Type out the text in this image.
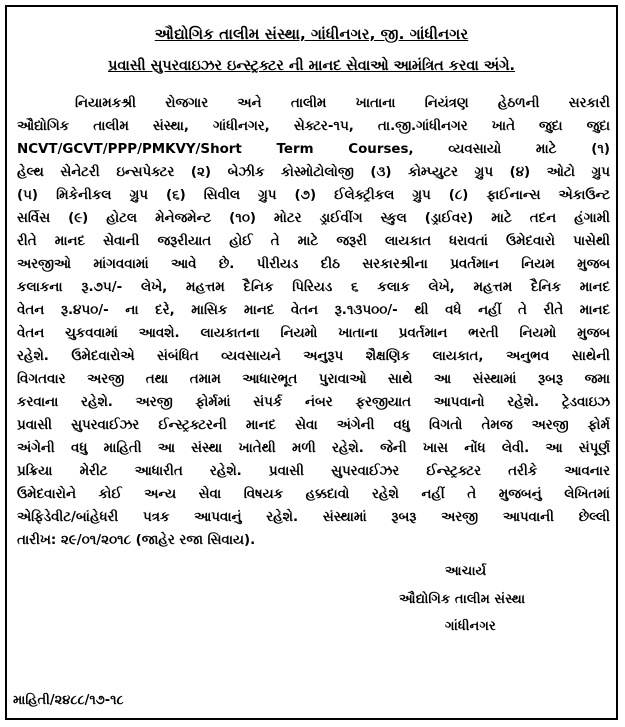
ઔદ્યોગિક તાલીમ સંસ્થા, ગાંધીનગર, જી. ગાંધીનગર
પ્રવાસી સુપરવાઇઝર ઇન્સ્ટ્રક્ટર ની માનદ સેવાઓ આમંત્રિત કરવા અંગે.
નિયામકશ્રી રોજગાર અને તાલીમ ખાતાના નિયંત્રણ હેઠળની સરકારી
ઔદ્યોગિક તાલીમ સંસ્થા, ગાંધીનગર, સેક્ટર-૧૫, તા.જી.ગાંધીનગર ખાતે જુદા જુદા
NCVT/GCVT/PPP/PMKVY/Short Term Courses, વ્યવસાયો માટે (૧)
હેલ્થ સેનેટરી ઇન્સપેક્ટર (૨) બેઝીક કોસ્મોટોલોજી (૩) કોમ્પ્યુટર ગ્રુપ (૪) ઓટો ગ્રુપ
(૫) મિકેનીકલ ગ્રુપ (૬) સિવીલ ગ્રુપ (૭) ઈલેક્ટ્રીકલ ગ્રુપ (૮) ફાઈનાન્સ એકાઉન્ટ
સર્વિસ (૯) હોટલ મેનેજમેન્ટ (૧૦) મોટર ડ્રાઈવીંગ સ્કુલ (ડ્રાઈવર) માટે તદન હંગામી
રીતે માનદ સેવાની જરૂરીયાત હોઈ તે માટે જરૂરી લાયકાત ધરાવતાં ઉમેદવારો પાસેથી
અરજીઓ માંગવવામાં આવે છે. પીરીયડ દીઠ સરકારશ્રીના પ્રવર્તમાન નિયમ મુજબ
કલાકના રૂ.૭૫/- લેખે, મહત્તમ દૈનિક પિરિયડ ૬ કલાક લેખે, મહત્તમ દૈનિક માનદ
વેતન રૂ.૪૫૦/- ના દરે, માસિક માનદ વેતન રૂ.૧૩૫૦૦/- થી વધે નહીં તે રીતે માનદ
વેતન ચુકવવામાં આવશે. લાયકાતના નિયમો ખાતાના પ્રવર્તમાન ભરતી નિયમો મુજબ
રહેશે. ઉમેદવારોએ સંબંધિત વ્યવસાયને અનુરૂપ શૈક્ષણિક લાયકાત, અનુભવ સાથેની
વિગતવાર અરજી તથા તમામ આધારભૂત પુરાવાઓ સાથે આ સંસ્થામાં રૂબરૂ જમા
કરવાના રહેશે. અરજી ફોર્મમાં સંપર્ક નંબર ફરજીયાત આપવાનો રહેશે. ટ્રેડવાઇઝ
પ્રવાસી સુપરવાઈઝર ઈન્સ્ટ્રક્ટરની માનદ સેવા અંગેની વધુ વિગતો તેમજ અરજી ફોર્મ
અંગેની વધુ માહિતી આ સંસ્થા ખાતેથી મળી રહેશે. જેની ખાસ નોંધ લેવી. આ સંપૂર્ણ
પ્રક્રિયા મેરીટ આધારીત રહેશે. પ્રવાસી સુપરવાઈઝર ઈન્સ્ટ્રક્ટર તરીકે આવનાર
ઉમેદવારોને કોઈ અન્ય સેવા વિષયક હક્કદાવો રહેશે નહીં તે મુજબનું લેખિતમાં
એફિડેવીટ/બાંહેધરી પત્રક આપવાનું રહેશે. સંસ્થામાં રૂબરૂ અરજી આપવાની છેલ્લી
તારીખ: ૨૯/૦૧/૨૦૧૮ (જાહેર રજા સિવાય).
આચાર્ય
ઔદ્યોગિક તાલીમ સંસ્થા
ગાંધીનગર
માહિતી/૨૪૮૮/૧૭-૧૮
